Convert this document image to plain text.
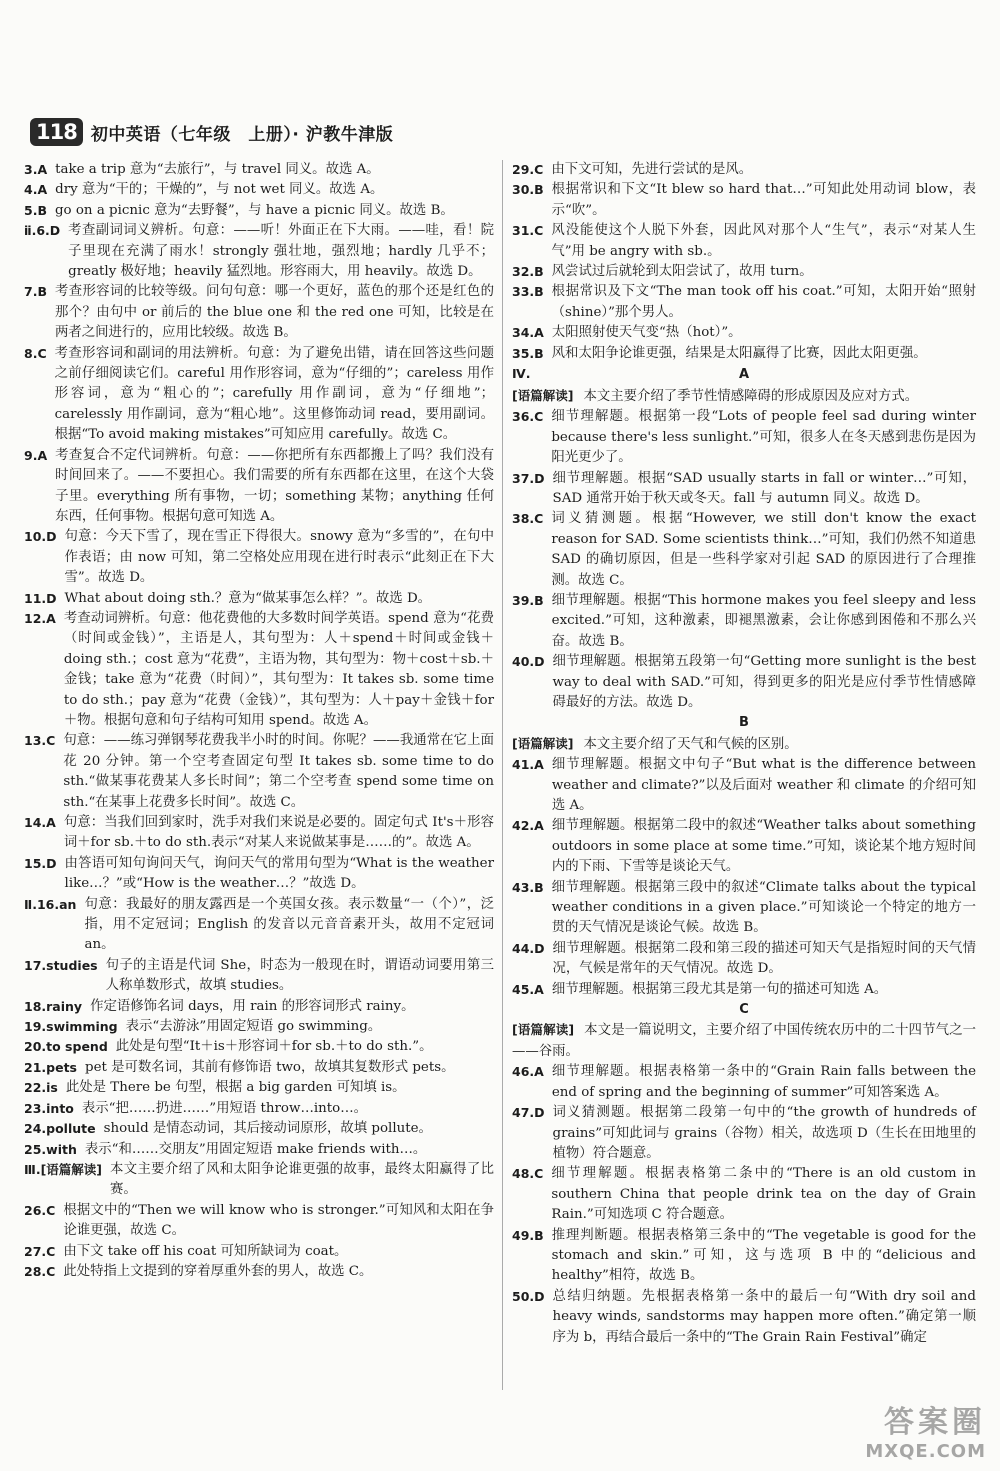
118 初中英语（七年级　上册）· 沪教牛津版
3.A take a trip 意为“去旅行”，与 travel 同义。故选 A。
4.A dry 意为“干的；干燥的”，与 not wet 同义。故选 A。
5.B go on a picnic 意为“去野餐”，与 have a picnic 同义。故选 B。
ⅱ.6.D 考查副词词义辨析。句意：——听！外面正在下大雨。——哇，看！院子里现在充满了雨水！strongly 强壮地，强烈地；hardly 几乎不；greatly 极好地；heavily 猛烈地。形容雨大，用 heavily。故选 D。
7.B 考查形容词的比较等级。问句句意：哪一个更好，蓝色的那个还是红色的那个？由句中 or 前后的 the blue one 和 the red one 可知，比较是在两者之间进行的，应用比较级。故选 B。
8.C 考查形容词和副词的用法辨析。句意：为了避免出错，请在回答这些问题之前仔细阅读它们。careful 用作形容词，意为“仔细的”；careless 用作形容词，意为“粗心的”；carefully 用作副词，意为“仔细地”；carelessly 用作副词，意为“粗心地”。这里修饰动词 read，要用副词。根据“To avoid making mistakes”可知应用 carefully。故选 C。
9.A 考查复合不定代词辨析。句意：——你把所有东西都搬上了吗？我们没有时间回来了。——不要担心。我们需要的所有东西都在这里，在这个大袋子里。everything 所有事物，一切；something 某物；anything 任何东西，任何事物。根据句意可知选 A。
10.D 句意：今天下雪了，现在雪正下得很大。snowy 意为“多雪的”，在句中作表语；由 now 可知，第二空格处应用现在进行时表示“此刻正在下大雪”。故选 D。
11.D What about doing sth.？意为“做某事怎么样？”。故选 D。
12.A 考查动词辨析。句意：他花费他的大多数时间学英语。spend 意为“花费（时间或金钱）”，主语是人，其句型为：人＋spend＋时间或金钱＋doing sth.；cost 意为“花费”，主语为物，其句型为：物＋cost＋sb.＋金钱；take 意为“花费（时间）”，其句型为：It takes sb. some time to do sth.；pay 意为“花费（金钱）”，其句型为：人＋pay＋金钱＋for＋物。根据句意和句子结构可知用 spend。故选 A。
13.C 句意：——练习弹钢琴花费我半小时的时间。你呢？——我通常在它上面花 20 分钟。第一个空考查固定句型 It takes sb. some time to do sth.“做某事花费某人多长时间”；第二个空考查 spend some time on sth.“在某事上花费多长时间”。故选 C。
14.A 句意：当我们回到家时，洗手对我们来说是必要的。固定句式 It's＋形容词＋for sb.＋to do sth.表示“对某人来说做某事是……的”。故选 A。
15.D 由答语可知句询问天气，询问天气的常用句型为“What is the weather like…？”或“How is the weather…？”故选 D。
Ⅱ.16.an 句意：我最好的朋友露西是一个英国女孩。表示数量“一（个）”，泛指，用不定冠词；English 的发音以元音音素开头，故用不定冠词 an。
17.studies 句子的主语是代词 She，时态为一般现在时，谓语动词要用第三人称单数形式，故填 studies。
18.rainy 作定语修饰名词 days，用 rain 的形容词形式 rainy。
19.swimming 表示“去游泳”用固定短语 go swimming。
20.to spend 此处是句型“It＋is＋形容词＋for sb.＋to do sth.”。
21.pets pet 是可数名词，其前有修饰语 two，故填其复数形式 pets。
22.is 此处是 There be 句型，根据 a big garden 可知填 is。
23.into 表示“把……扔进……”用短语 throw…into…。
24.pollute should 是情态动词，其后接动词原形，故填 pollute。
25.with 表示“和……交朋友”用固定短语 make friends with…。
Ⅲ.[语篇解读] 本文主要介绍了风和太阳争论谁更强的故事，最终太阳赢得了比赛。
26.C 根据文中的“Then we will know who is stronger.”可知风和太阳在争论谁更强，故选 C。
27.C 由下文 take off his coat 可知所缺词为 coat。
28.C 此处特指上文提到的穿着厚重外套的男人，故选 C。
29.C 由下文可知，先进行尝试的是风。
30.B 根据常识和下文“It blew so hard that…”可知此处用动词 blow，表示“吹”。
31.C 风没能使这个人脱下外套，因此风对那个人“生气”，表示“对某人生气”用 be angry with sb.。
32.B 风尝试过后就轮到太阳尝试了，故用 turn。
33.B 根据常识及下文“The man took off his coat.”可知，太阳开始“照射（shine）”那个男人。
34.A 太阳照射使天气变“热（hot）”。
35.B 风和太阳争论谁更强，结果是太阳赢得了比赛，因此太阳更强。
Ⅳ.	A
[语篇解读] 本文主要介绍了季节性情感障碍的形成原因及应对方式。
36.C 细节理解题。根据第一段“Lots of people feel sad during winter because there's less sunlight.”可知，很多人在冬天感到悲伤是因为阳光更少了。
37.D 细节理解题。根据“SAD usually starts in fall or winter…”可知，SAD 通常开始于秋天或冬天。fall 与 autumn 同义。故选 D。
38.C 词义猜测题。根据“However, we still don't know the exact reason for SAD. Some scientists think…”可知，我们仍然不知道患 SAD 的确切原因，但是一些科学家对引起 SAD 的原因进行了合理推测。故选 C。
39.B 细节理解题。根据“This hormone makes you feel sleepy and less excited.”可知，这种激素，即褪黑激素，会让你感到困倦和不那么兴奋。故选 B。
40.D 细节理解题。根据第五段第一句“Getting more sunlight is the best way to deal with SAD.”可知，得到更多的阳光是应付季节性情感障碍最好的方法。故选 D。
B
[语篇解读] 本文主要介绍了天气和气候的区别。
41.A 细节理解题。根据文中句子“But what is the difference between weather and climate?”以及后面对 weather 和 climate 的介绍可知选 A。
42.A 细节理解题。根据第二段中的叙述“Weather talks about something outdoors in some place at some time.”可知，谈论某个地方短时间内的下雨、下雪等是谈论天气。
43.B 细节理解题。根据第三段中的叙述“Climate talks about the typical weather conditions in a given place.”可知谈论一个特定的地方一贯的天气情况是谈论气候。故选 B。
44.D 细节理解题。根据第二段和第三段的描述可知天气是指短时间的天气情况，气候是常年的天气情况。故选 D。
45.A 细节理解题。根据第三段尤其是第一句的描述可知选 A。
C
[语篇解读] 本文是一篇说明文，主要介绍了中国传统农历中的二十四节气之一——谷雨。
46.A 细节理解题。根据表格第一条中的“Grain Rain falls between the end of spring and the beginning of summer”可知答案选 A。
47.D 词义猜测题。根据第二段第一句中的“the growth of hundreds of grains”可知此词与 grains（谷物）相关，故选项 D（生长在田地里的植物）符合题意。
48.C 细节理解题。根据表格第二条中的“There is an old custom in southern China that people drink tea on the day of Grain Rain.”可知选项 C 符合题意。
49.B 推理判断题。根据表格第三条中的“The vegetable is good for the stomach and skin.”可知，这与选项 B 中的“delicious and healthy”相符，故选 B。
50.D 总结归纳题。先根据表格第一条中的最后一句“With dry soil and heavy winds, sandstorms may happen more often.”确定第一顺序为 b，再结合最后一条中的“The Grain Rain Festival”确定
答案圈
MXQE.COM
